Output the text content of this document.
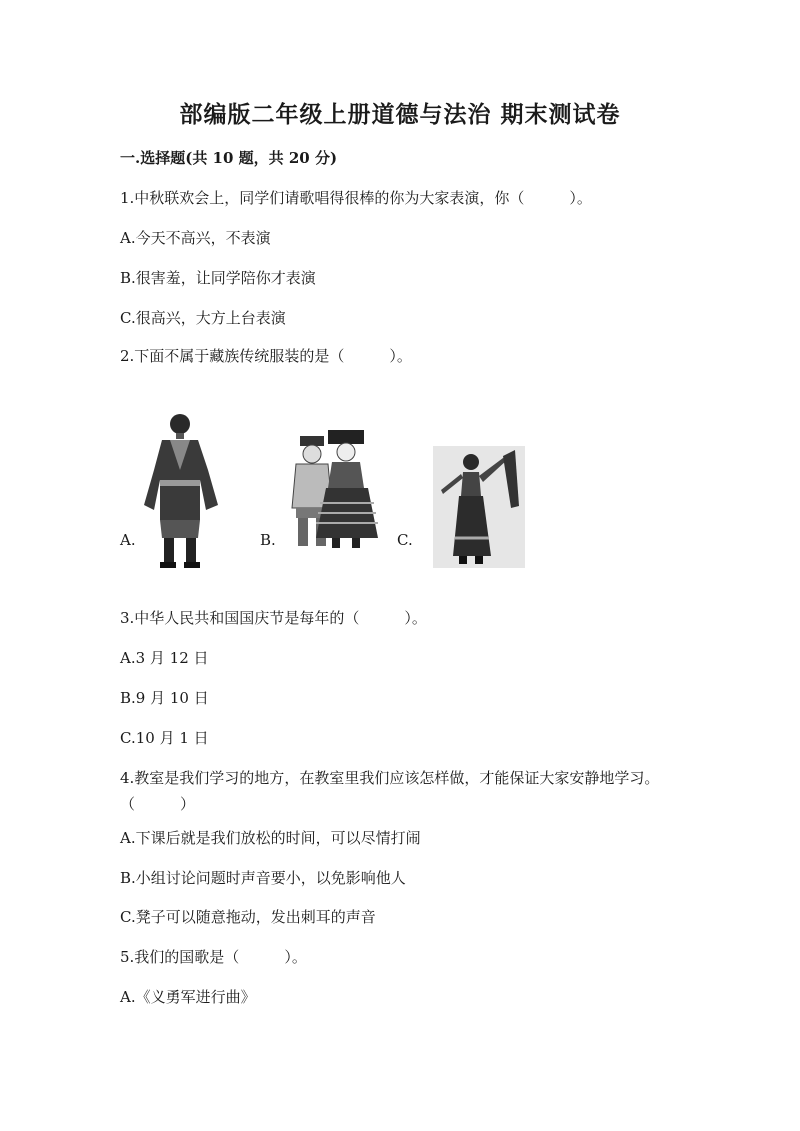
部编版二年级上册道德与法治 期末测试卷
一.选择题(共 10 题，共 20 分)
1.中秋联欢会上，同学们请歌唱得很棒的你为大家表演，你（　　　）。
A.今天不高兴，不表演
B.很害羞，让同学陪你才表演
C.很高兴，大方上台表演
2.下面不属于藏族传统服装的是（　　　）。
A.	B.	C.
3.中华人民共和国国庆节是每年的（　　　）。
A.3 月 12 日
B.9 月 10 日
C.10 月 1 日
4.教室是我们学习的地方，在教室里我们应该怎样做，才能保证大家安静地学习。（　　　）
A.下课后就是我们放松的时间，可以尽情打闹
B.小组讨论问题时声音要小，以免影响他人
C.凳子可以随意拖动，发出刺耳的声音
5.我们的国歌是（　　　）。
A.《义勇军进行曲》
